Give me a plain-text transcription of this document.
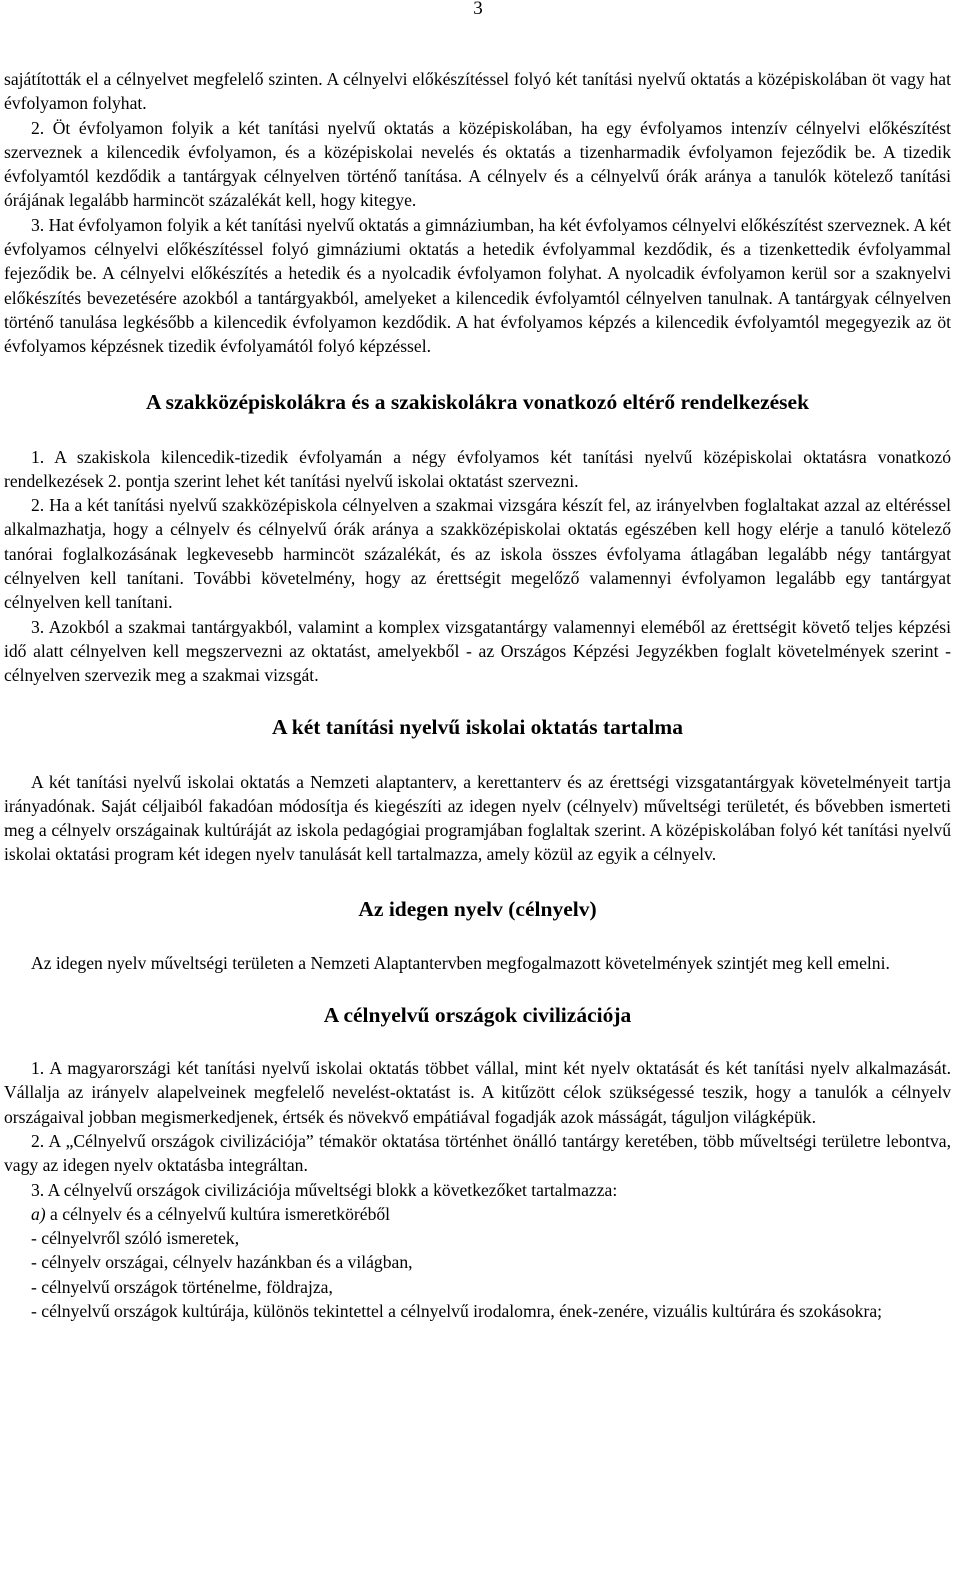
3

sajátították el a célnyelvet megfelelő szinten. A célnyelvi előkészítéssel folyó két tanítási nyelvű oktatás a középiskolában öt vagy hat évfolyamon folyhat.

2. Öt évfolyamon folyik a két tanítási nyelvű oktatás a középiskolában, ha egy évfolyamos intenzív célnyelvi előkészítést szerveznek a kilencedik évfolyamon, és a középiskolai nevelés és oktatás a tizenharmadik évfolyamon fejeződik be. A tizedik évfolyamtól kezdődik a tantárgyak célnyelven történő tanítása. A célnyelv és a célnyelvű órák aránya a tanulók kötelező tanítási órájának legalább harmincöt százalékát kell, hogy kitegye.

3. Hat évfolyamon folyik a két tanítási nyelvű oktatás a gimnáziumban, ha két évfolyamos célnyelvi előkészítést szerveznek. A két évfolyamos célnyelvi előkészítéssel folyó gimnáziumi oktatás a hetedik évfolyammal kezdődik, és a tizenkettedik évfolyammal fejeződik be. A célnyelvi előkészítés a hetedik és a nyolcadik évfolyamon folyhat. A nyolcadik évfolyamon kerül sor a szaknyelvi előkészítés bevezetésére azokból a tantárgyakból, amelyeket a kilencedik évfolyamtól célnyelven tanulnak. A tantárgyak célnyelven történő tanulása legkésőbb a kilencedik évfolyamon kezdődik. A hat évfolyamos képzés a kilencedik évfolyamtól megegyezik az öt évfolyamos képzésnek tizedik évfolyamától folyó képzéssel.

A szakközépiskolákra és a szakiskolákra vonatkozó eltérő rendelkezések

1. A szakiskola kilencedik-tizedik évfolyamán a négy évfolyamos két tanítási nyelvű középiskolai oktatásra vonatkozó rendelkezések 2. pontja szerint lehet két tanítási nyelvű iskolai oktatást szervezni.

2. Ha a két tanítási nyelvű szakközépiskola célnyelven a szakmai vizsgára készít fel, az irányelvben foglaltakat azzal az eltéréssel alkalmazhatja, hogy a célnyelv és célnyelvű órák aránya a szakközépiskolai oktatás egészében kell hogy elérje a tanuló kötelező tanórai foglalkozásának legkevesebb harmincöt százalékát, és az iskola összes évfolyama átlagában legalább négy tantárgyat célnyelven kell tanítani. További követelmény, hogy az érettségit megelőző valamennyi évfolyamon legalább egy tantárgyat célnyelven kell tanítani.

3. Azokból a szakmai tantárgyakból, valamint a komplex vizsgatantárgy valamennyi eleméből az érettségit követő teljes képzési idő alatt célnyelven kell megszervezni az oktatást, amelyekből - az Országos Képzési Jegyzékben foglalt követelmények szerint - célnyelven szervezik meg a szakmai vizsgát.

A két tanítási nyelvű iskolai oktatás tartalma

A két tanítási nyelvű iskolai oktatás a Nemzeti alaptanterv, a kerettanterv és az érettségi vizsgatantárgyak követelményeit tartja irányadónak. Saját céljaiból fakadóan módosítja és kiegészíti az idegen nyelv (célnyelv) műveltségi területét, és bővebben ismerteti meg a célnyelv országainak kultúráját az iskola pedagógiai programjában foglaltak szerint. A középiskolában folyó két tanítási nyelvű iskolai oktatási program két idegen nyelv tanulását kell tartalmazza, amely közül az egyik a célnyelv.

Az idegen nyelv (célnyelv)

Az idegen nyelv műveltségi területen a Nemzeti Alaptantervben megfogalmazott követelmények szintjét meg kell emelni.

A célnyelvű országok civilizációja

1. A magyarországi két tanítási nyelvű iskolai oktatás többet vállal, mint két nyelv oktatását és két tanítási nyelv alkalmazását. Vállalja az irányelv alapelveinek megfelelő nevelést-oktatást is. A kitűzött célok szükségessé teszik, hogy a tanulók a célnyelv országaival jobban megismerkedjenek, értsék és növekvő empátiával fogadják azok másságát, táguljon világképük.

2. A „Célnyelvű országok civilizációja” témakör oktatása történhet önálló tantárgy keretében, több műveltségi területre lebontva, vagy az idegen nyelv oktatásba integráltan.

3. A célnyelvű országok civilizációja műveltségi blokk a következőket tartalmazza:

a) a célnyelv és a célnyelvű kultúra ismeretköréből

- célnyelvről szóló ismeretek,

- célnyelv országai, célnyelv hazánkban és a világban,

- célnyelvű országok történelme, földrajza,

- célnyelvű országok kultúrája, különös tekintettel a célnyelvű irodalomra, ének-zenére, vizuális kultúrára és szokásokra;
